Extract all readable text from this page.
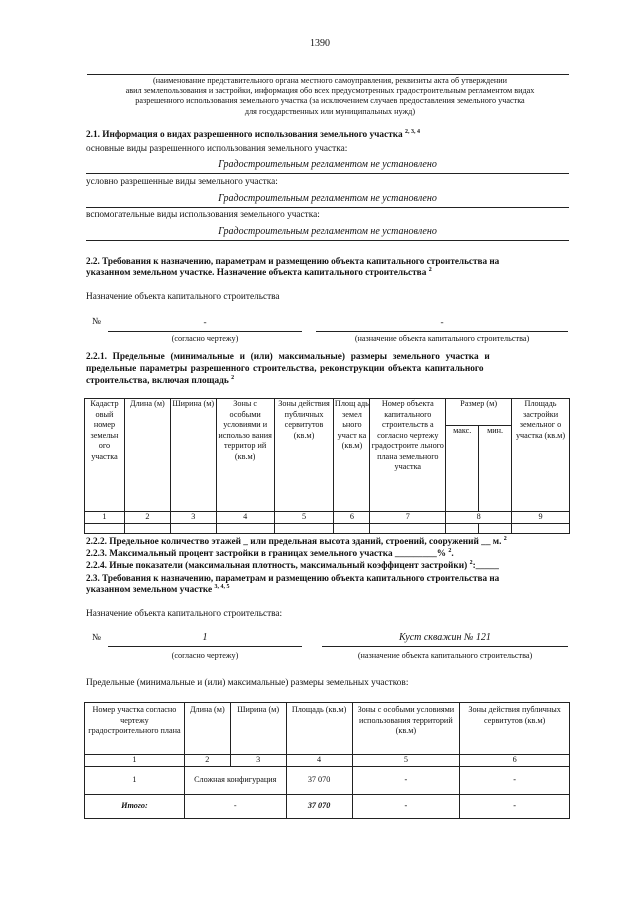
1390
(наименование представительного органа местного самоуправления, реквизиты акта об утверждении
авил землепользования и застройки, информация обо всех предусмотренных градостроительным регламентом видах
разрешенного использования земельного участка (за исключением случаев предоставления земельного участка
для государственных или муниципальных нужд)
2.1. Информация о видах разрешенного использования земельного участка $^{2, 3, 4}$
основные виды разрешенного использования земельного участка:
Градостроительным регламентом не установлено
условно разрешенные виды земельного участка:
Градостроительным регламентом не установлено
вспомогательные виды использования земельного участка:
Градостроительным регламентом не установлено
2.2. Требования к назначению, параметрам и размещению объекта капитального строительства на
указанном земельном участке. Назначение объекта капитального строительства $^2$
Назначение объекта капитального строительства
№	-	-
(согласно чертежу)	(назначение объекта капитального строительства)
2.2.1. Предельные (минимальные и (или) максимальные) размеры земельного участка и
предельные параметры разрешенного строительства, реконструкции объекта капитального
строительства, включая площадь $^2$
Кадастр овый номер земельн ого участка	Длина (м)	Ширина (м)	Зоны с особыми условиями и использо вания территор ий (кв.м)	Зоны действия публичных сервитутов (кв.м)	Площ адь земел ьного участ ка (кв.м)	Номер объекта капитального строительств а согласно чертежу градостроите льного плана земельного участка	Размер (м)		Площадь застройки земельног о участка (кв.м)
							макс.	мин.	
1	2	3	4	5	6	7	8		9

2.2.2. Предельное количество этажей _ или предельная высота зданий, строений, сооружений __ м. $^2$
2.2.3. Максимальный процент застройки в границах земельного участка _________% $^2$.
2.2.4. Иные показатели (максимальная плотность, максимальный коэффицент застройки) $^2$:_____
2.3. Требования к назначению, параметрам и размещению объекта капитального строительства на
указанном земельном участке $^{3, 4, 5}$
Назначение объекта капитального строительства:
№	1	Куст скважин № 121
(согласно чертежу)	(назначение объекта капитального строительства)
Предельные (минимальные и (или) максимальные) размеры земельных участков:
Номер участка согласно чертежу градостроительного плана	Длина (м)	Ширина (м)	Площадь (кв.м)	Зоны с особыми условиями использования территорий (кв.м)	Зоны действия публичных сервитутов (кв.м)
1	2	3	4	5	6
1	Сложная конфигурация		37 070	-	-
Итого:	-		37 070	-	-
